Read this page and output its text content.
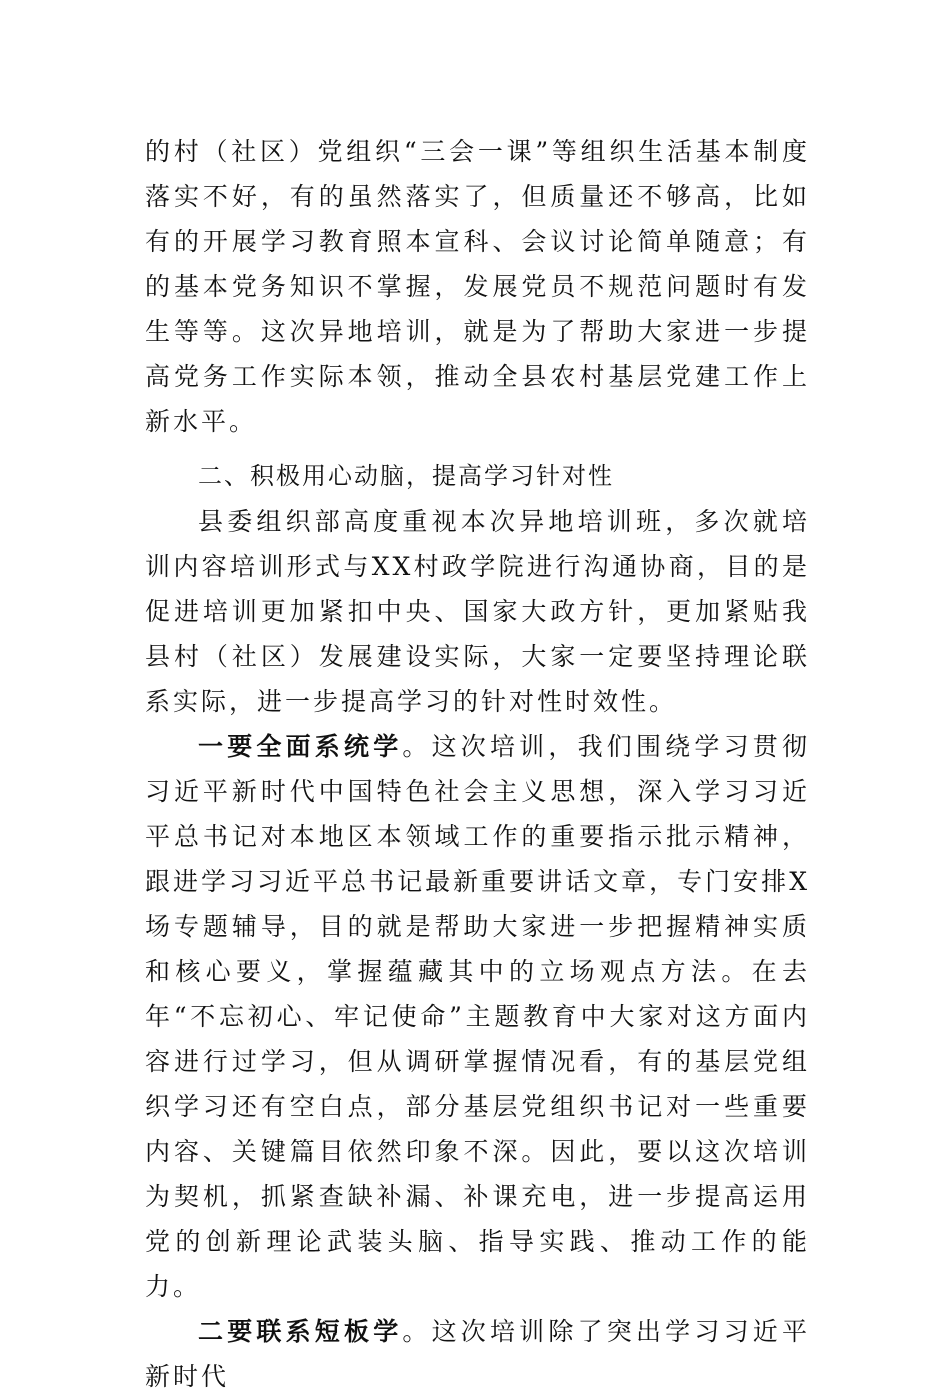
的村（社区）党组织“三会一课”等组织生活基本制度落实不好，有的虽然落实了，但质量还不够高，比如有的开展学习教育照本宣科、会议讨论简单随意；有的基本党务知识不掌握，发展党员不规范问题时有发生等等。这次异地培训，就是为了帮助大家进一步提高党务工作实际本领，推动全县农村基层党建工作上新水平。

二、积极用心动脑，提高学习针对性

县委组织部高度重视本次异地培训班，多次就培训内容培训形式与XX村政学院进行沟通协商，目的是促进培训更加紧扣中央、国家大政方针，更加紧贴我县村（社区）发展建设实际，大家一定要坚持理论联系实际，进一步提高学习的针对性时效性。

一要全面系统学。这次培训，我们围绕学习贯彻习近平新时代中国特色社会主义思想，深入学习习近平总书记对本地区本领域工作的重要指示批示精神，跟进学习习近平总书记最新重要讲话文章，专门安排X场专题辅导，目的就是帮助大家进一步把握精神实质和核心要义，掌握蕴藏其中的立场观点方法。在去年“不忘初心、牢记使命”主题教育中大家对这方面内容进行过学习，但从调研掌握情况看，有的基层党组织学习还有空白点，部分基层党组织书记对一些重要内容、关键篇目依然印象不深。因此，要以这次培训为契机，抓紧查缺补漏、补课充电，进一步提高运用党的创新理论武装头脑、指导实践、推动工作的能力。

二要联系短板学。这次培训除了突出学习习近平新时代
